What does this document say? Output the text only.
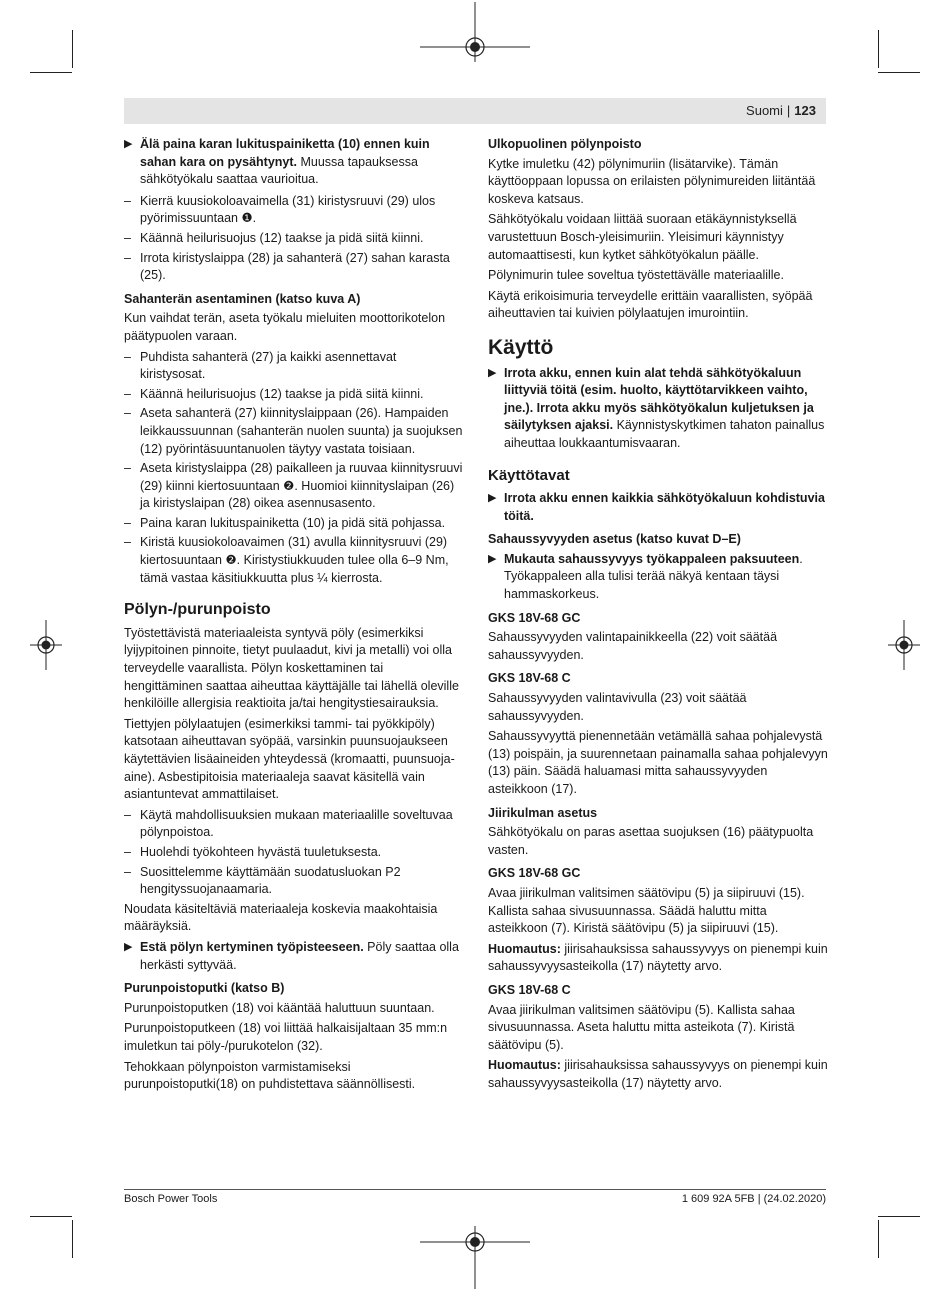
Suomi | 123
▶ Älä paina karan lukituspainiketta (10) ennen kuin sahan kara on pysähtynyt. Muussa tapauksessa sähkötyökalu saattaa vaurioitua.
– Kierrä kuusiokoloavaimella (31) kiristysruuvi (29) ulos pyörimissuuntaan ❶.
– Käännä heilurisuojus (12) taakse ja pidä siitä kiinni.
– Irrota kiristyslaippa (28) ja sahanterä (27) sahan karasta (25).

Sahanterän asentaminen (katso kuva A)

Kun vaihdat terän, aseta työkalu mieluiten moottorikotelon päätypuolen varaan.

– Puhdista sahanterä (27) ja kaikki asennettavat kiristysosat.
– Käännä heilurisuojus (12) taakse ja pidä siitä kiinni.
– Aseta sahanterä (27) kiinnityslaippaan (26). Hampaiden leikkaussuunnan (sahanterän nuolen suunta) ja suojuksen (12) pyörintäsuuntanuolen täytyy vastata toisiaan.
– Aseta kiristyslaippa (28) paikalleen ja ruuvaa kiinnitysruuvi (29) kiinni kiertosuuntaan ❷. Huomioi kiinnityslaipan (26) ja kiristyslaipan (28) oikea asennusasento.
– Paina karan lukituspainiketta (10) ja pidä sitä pohjassa.
– Kiristä kuusiokoloavaimen (31) avulla kiinnitysruuvi (29) kiertosuuntaan ❷. Kiristystiukkuuden tulee olla 6–9 Nm, tämä vastaa käsitiukkuutta plus ¼ kierrosta.
Pölyn-/purunpoisto

Työstettävistä materiaaleista syntyvä pöly (esimerkiksi lyijypitoinen pinnoite, tietyt puulaadut, kivi ja metalli) voi olla terveydelle vaarallista. Pölyn koskettaminen tai hengittäminen saattaa aiheuttaa käyttäjälle tai lähellä oleville henkilöille allergisia reaktioita ja/tai hengitystiesairauksia.

Tiettyjen pölylaatujen (esimerkiksi tammi- tai pyökkipöly) katsotaan aiheuttavan syöpää, varsinkin puunsuojaukseen käytettävien lisäaineiden yhteydessä (kromaatti, puunsuoja-aine). Asbestipitoisia materiaaleja saavat käsitellä vain asiantuntevat ammattilaiset.

– Käytä mahdollisuuksien mukaan materiaalille soveltuvaa pölynpoistoa.
– Huolehdi työkohteen hyvästä tuuletuksesta.
– Suosittelemme käyttämään suodatusluokan P2 hengityssuojanaamaria.

Noudata käsiteltäviä materiaaleja koskevia maakohtaisia määräyksiä.

▶ Estä pölyn kertyminen työpisteeseen. Pöly saattaa olla herkästi syttyvää.

Purunpoistoputki (katso B)

Purunpoistoputken (18) voi kääntää haluttuun suuntaan.

Purunpoistoputkeen (18) voi liittää halkaisijaltaan 35 mm:n imuletkun tai pöly-/purukotelon (32).

Tehokkaan pölynpoiston varmistamiseksi purunpoistoputki(18) on puhdistettava säännöllisesti.

Ulkopuolinen pölynpoisto

Kytke imuletku (42) pölynimuriin (lisätarvike). Tämän käyttöoppaan lopussa on erilaisten pölynimureiden liitäntää koskeva katsaus.

Sähkötyökalu voidaan liittää suoraan etäkäynnistyksellä varustettuun Bosch-yleisimuriin. Yleisimuri käynnistyy automaattisesti, kun kytket sähkötyökalun päälle.

Pölynimurin tulee soveltua työstettävälle materiaalille.

Käytä erikoisimuria terveydelle erittäin vaarallisten, syöpää aiheuttavien tai kuivien pölylaatujen imurointiin.

Käyttö
▶ Irrota akku, ennen kuin alat tehdä sähkötyökaluun liittyviä töitä (esim. huolto, käyttötarvikkeen vaihto, jne.). Irrota akku myös sähkötyökalun kuljetuksen ja säilytyksen ajaksi. Käynnistyskytkimen tahaton painallus aiheuttaa loukkaantumisvaaran.
Käyttötavat
▶ Irrota akku ennen kaikkia sähkötyökaluun kohdistuvia töitä.

Sahaussyvyyden asetus (katso kuvat D–E)

▶ Mukauta sahaussyvyys työkappaleen paksuuteen. Työkappaleen alla tulisi terää näkyä kentaan täysi hammaskorkeus.

GKS 18V-68 GC

Sahaussyvyyden valintapainikkeella (22) voit säätää sahaussyvyyden.

GKS 18V-68 C

Sahaussyvyyden valintavivulla (23) voit säätää sahaussyvyyden.

Sahaussyvyyttä pienennetään vetämällä sahaa pohjalevystä (13) poispäin, ja suurennetaan painamalla sahaa pohjalevyyn (13) päin. Säädä haluamasi mitta sahaussyvyyden asteikkoon (17).

Jiirikulman asetus

Sähkötyökalu on paras asettaa suojuksen (16) päätypuolta vasten.

GKS 18V-68 GC

Avaa jiirikulman valitsimen säätövipu (5) ja siipiruuvi (15). Kallista sahaa sivusuunnassa. Säädä haluttu mitta asteikkoon (7). Kiristä säätövipu (5) ja siipiruuvi (15).

Huomautus: jiirisahauksissa sahaussyvyys on pienempi kuin sahaussyvyysasteikolla (17) näytetty arvo.

GKS 18V-68 C

Avaa jiirikulman valitsimen säätövipu (5). Kallista sahaa sivusuunnassa. Aseta haluttu mitta asteikota (7). Kiristä säätövipu (5).

Huomautus: jiirisahauksissa sahaussyvyys on pienempi kuin sahaussyvyysasteikolla (17) näytetty arvo.

Bosch Power Tools	1 609 92A 5FB | (24.02.2020)
